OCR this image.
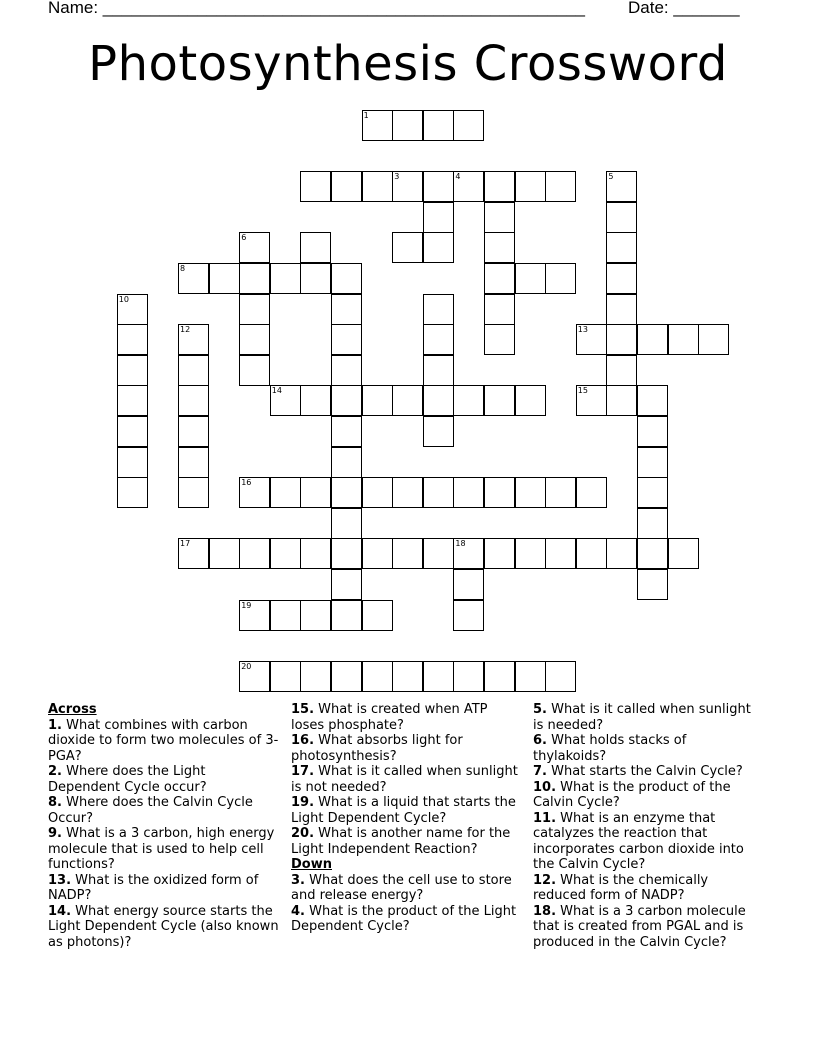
Name: ___________________________________________________	Date: _______
Photosynthesis Crossword
1
3	4	5
6
8
10
12	13
14	15
16
17	18
19
20

Across

1. What combines with carbon dioxide to form two molecules of 3-PGA?

2. Where does the Light Dependent Cycle occur?

8. Where does the Calvin Cycle Occur?

9. What is a 3 carbon, high energy molecule that is used to help cell functions?

13. What is the oxidized form of NADP?

14. What energy source starts the Light Dependent Cycle (also known as photons)?

15. What is created when ATP loses phosphate?

16. What absorbs light for photosynthesis?

17. What is it called when sunlight is not needed?

19. What is a liquid that starts the Light Dependent Cycle?

20. What is another name for the Light Independent Reaction?

Down

3. What does the cell use to store and release energy?

4. What is the product of the Light Dependent Cycle?

5. What is it called when sunlight is needed?

6. What holds stacks of thylakoids?

7. What starts the Calvin Cycle?

10. What is the product of the Calvin Cycle?

11. What is an enzyme that catalyzes the reaction that incorporates carbon dioxide into the Calvin Cycle?

12. What is the chemically reduced form of NADP?

18. What is a 3 carbon molecule that is created from PGAL and is produced in the Calvin Cycle?
